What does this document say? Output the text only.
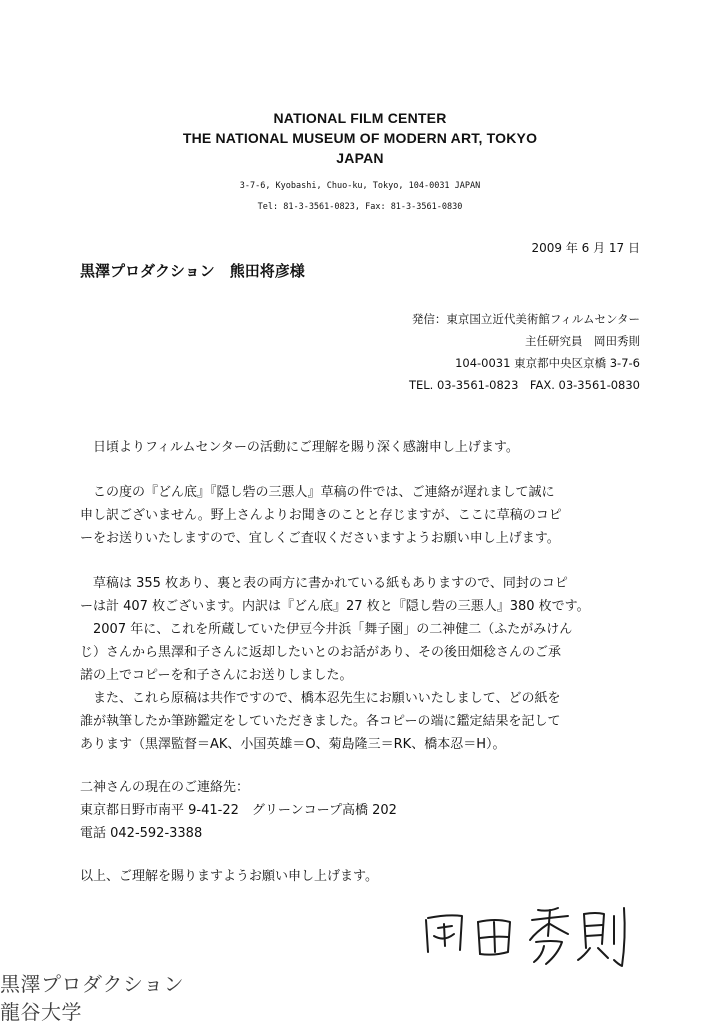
NATIONAL FILM CENTER
THE NATIONAL MUSEUM OF MODERN ART, TOKYO
JAPAN
3-7-6, Kyobashi, Chuo-ku, Tokyo, 104-0031 JAPAN
Tel: 81-3-3561-0823, Fax: 81-3-3561-0830
2009 年 6 月 17 日
黒澤プロダクション　熊田将彦様
発信：東京国立近代美術館フィルムセンター
主任研究員　岡田秀則
104-0031 東京都中央区京橋 3-7-6
TEL. 03-3561-0823　FAX. 03-3561-0830

日頃よりフィルムセンターの活動にご理解を賜り深く感謝申し上げます。

この度の『どん底』『隠し砦の三悪人』草稿の件では、ご連絡が遅れまして誠に

申し訳ございません。野上さんよりお聞きのことと存じますが、ここに草稿のコピ

ーをお送りいたしますので、宜しくご査収くださいますようお願い申し上げます。

草稿は 355 枚あり、裏と表の両方に書かれている紙もありますので、同封のコピ

ーは計 407 枚ございます。内訳は『どん底』27 枚と『隠し砦の三悪人』380 枚です。

2007 年に、これを所蔵していた伊豆今井浜「舞子園」の二神健二（ふたがみけん

じ）さんから黒澤和子さんに返却したいとのお話があり、その後田畑稔さんのご承

諾の上でコピーを和子さんにお送りしました。

また、これら原稿は共作ですので、橋本忍先生にお願いいたしまして、どの紙を

誰が執筆したか筆跡鑑定をしていただきました。各コピーの端に鑑定結果を記して

あります（黒澤監督＝AK、小国英雄＝O、菊島隆三＝RK、橋本忍＝H）。

二神さんの現在のご連絡先：

東京都日野市南平 9-41-22　グリーンコープ高橋 202

電話 042-592-3388

以上、ご理解を賜りますようお願い申し上げます。

黒澤プロダクション
龍谷大学
